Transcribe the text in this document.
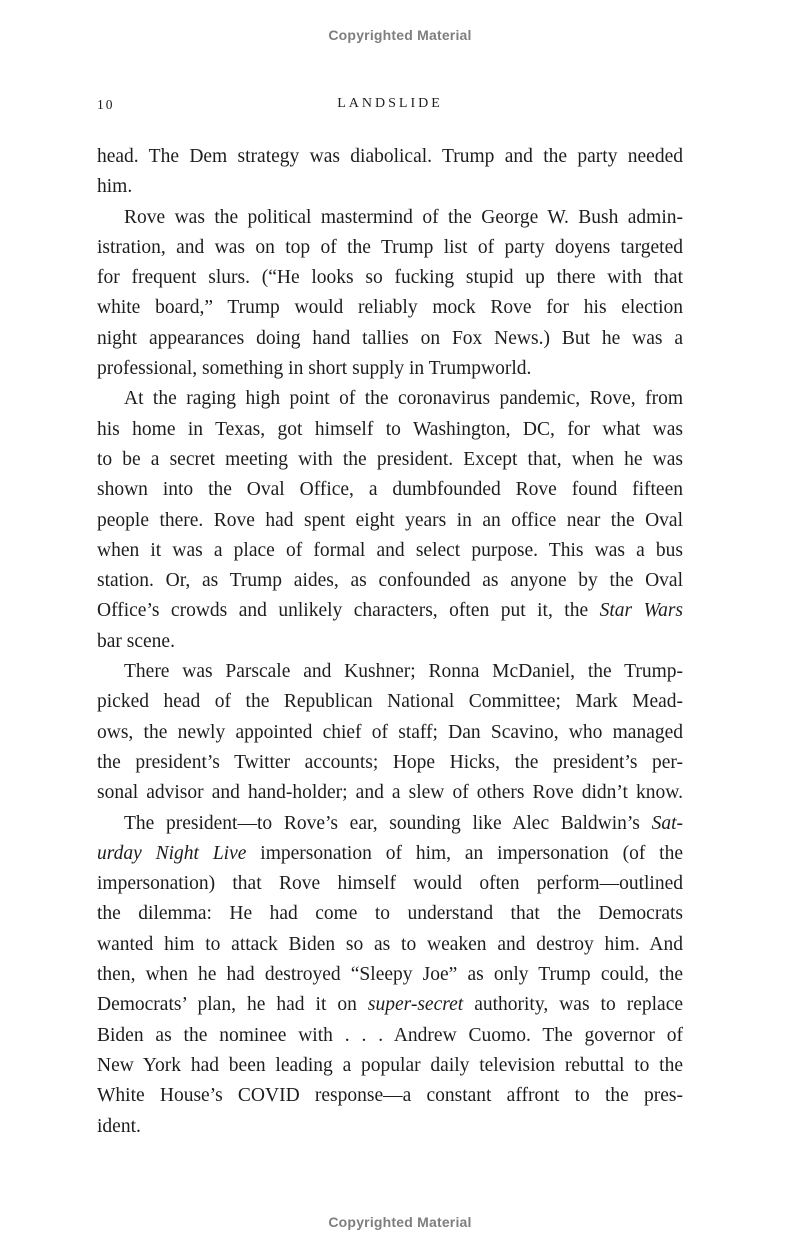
Copyrighted Material
10	LANDSLIDE
head. The Dem strategy was diabolical. Trump and the party needed
him.
Rove was the political mastermind of the George W. Bush admin-
istration, and was on top of the Trump list of party doyens targeted
for frequent slurs. (“He looks so fucking stupid up there with that
white board,” Trump would reliably mock Rove for his election
night appearances doing hand tallies on Fox News.) But he was a
professional, something in short supply in Trumpworld.
At the raging high point of the coronavirus pandemic, Rove, from
his home in Texas, got himself to Washington, DC, for what was
to be a secret meeting with the president. Except that, when he was
shown into the Oval Office, a dumbfounded Rove found fifteen
people there. Rove had spent eight years in an office near the Oval
when it was a place of formal and select purpose. This was a bus
station. Or, as Trump aides, as confounded as anyone by the Oval
Office’s crowds and unlikely characters, often put it, the Star Wars
bar scene.
There was Parscale and Kushner; Ronna McDaniel, the Trump-
picked head of the Republican National Committee; Mark Mead-
ows, the newly appointed chief of staff; Dan Scavino, who managed
the president’s Twitter accounts; Hope Hicks, the president’s per-
sonal advisor and hand-holder; and a slew of others Rove didn’t know.
The president—to Rove’s ear, sounding like Alec Baldwin’s Sat-
urday Night Live impersonation of him, an impersonation (of the
impersonation) that Rove himself would often perform—outlined
the dilemma: He had come to understand that the Democrats
wanted him to attack Biden so as to weaken and destroy him. And
then, when he had destroyed “Sleepy Joe” as only Trump could, the
Democrats’ plan, he had it on super-secret authority, was to replace
Biden as the nominee with . . . Andrew Cuomo. The governor of
New York had been leading a popular daily television rebuttal to the
White House’s COVID response—a constant affront to the pres-
ident.
Copyrighted Material
